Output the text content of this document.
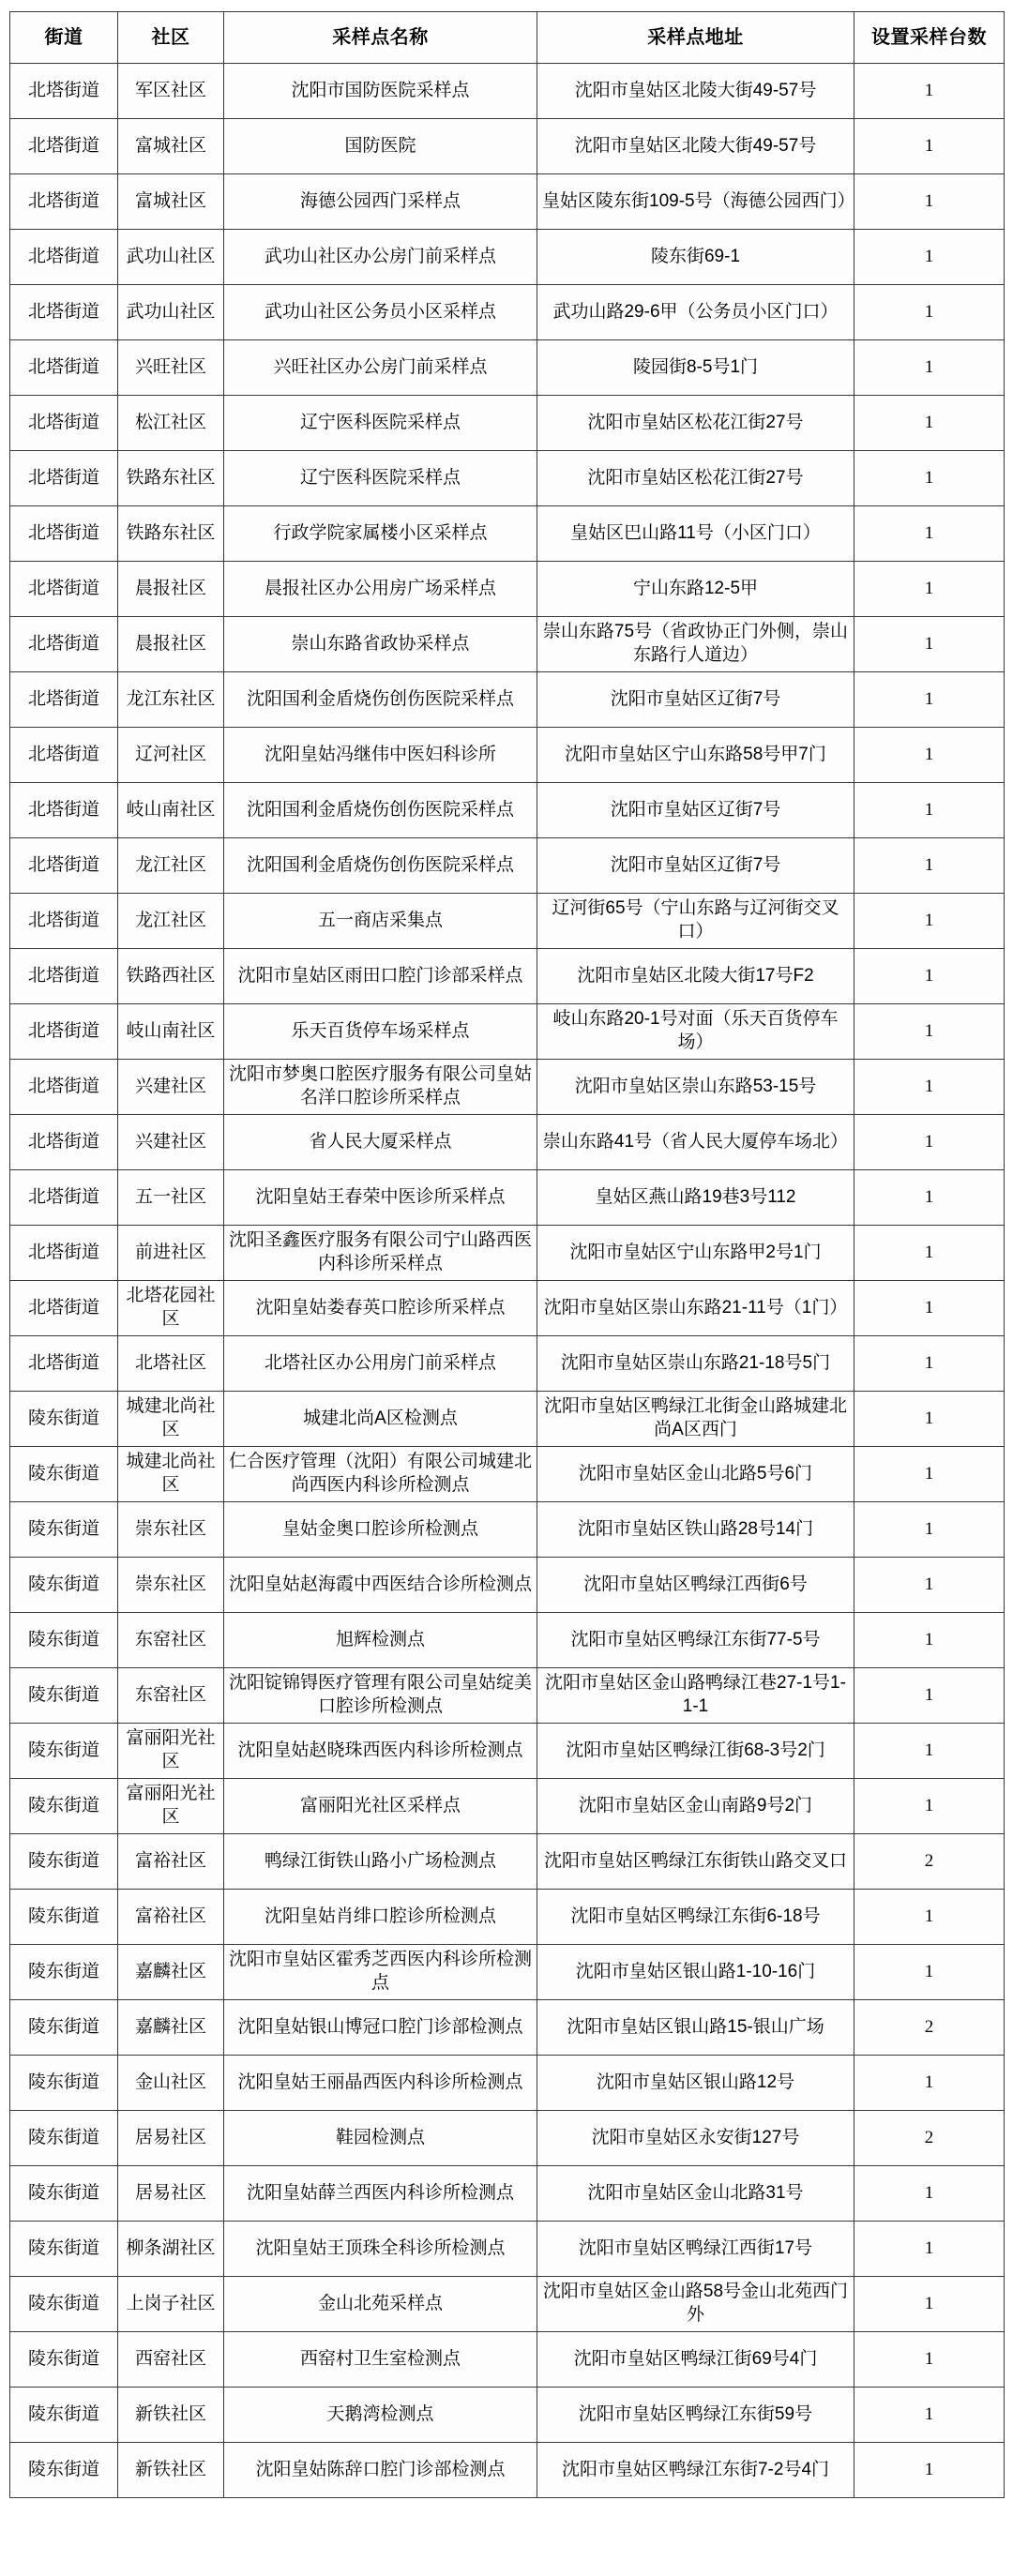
街道	社区	采样点名称	采样点地址	设置采样台数
北塔街道	军区社区	沈阳市国防医院采样点	沈阳市皇姑区北陵大街49-57号	1
北塔街道	富城社区	国防医院	沈阳市皇姑区北陵大街49-57号	1
北塔街道	富城社区	海德公园西门采样点	皇姑区陵东街109-5号（海德公园西门）	1
北塔街道	武功山社区	武功山社区办公房门前采样点	陵东街69-1	1
北塔街道	武功山社区	武功山社区公务员小区采样点	武功山路29-6甲（公务员小区门口）	1
北塔街道	兴旺社区	兴旺社区办公房门前采样点	陵园街8-5号1门	1
北塔街道	松江社区	辽宁医科医院采样点	沈阳市皇姑区松花江街27号	1
北塔街道	铁路东社区	辽宁医科医院采样点	沈阳市皇姑区松花江街27号	1
北塔街道	铁路东社区	行政学院家属楼小区采样点	皇姑区巴山路11号（小区门口）	1
北塔街道	晨报社区	晨报社区办公用房广场采样点	宁山东路12-5甲	1
北塔街道	晨报社区	崇山东路省政协采样点	崇山东路75号（省政协正门外侧，崇山东路行人道边）	1
北塔街道	龙江东社区	沈阳国利金盾烧伤创伤医院采样点	沈阳市皇姑区辽街7号	1
北塔街道	辽河社区	沈阳皇姑冯继伟中医妇科诊所	沈阳市皇姑区宁山东路58号甲7门	1
北塔街道	岐山南社区	沈阳国利金盾烧伤创伤医院采样点	沈阳市皇姑区辽街7号	1
北塔街道	龙江社区	沈阳国利金盾烧伤创伤医院采样点	沈阳市皇姑区辽街7号	1
北塔街道	龙江社区	五一商店采集点	辽河街65号（宁山东路与辽河街交叉口）	1
北塔街道	铁路西社区	沈阳市皇姑区雨田口腔门诊部采样点	沈阳市皇姑区北陵大街17号F2	1
北塔街道	岐山南社区	乐天百货停车场采样点	岐山东路20-1号对面（乐天百货停车场）	1
北塔街道	兴建社区	沈阳市梦奥口腔医疗服务有限公司皇姑名洋口腔诊所采样点	沈阳市皇姑区崇山东路53-15号	1
北塔街道	兴建社区	省人民大厦采样点	崇山东路41号（省人民大厦停车场北）	1
北塔街道	五一社区	沈阳皇姑王春荣中医诊所采样点	皇姑区燕山路19巷3号112	1
北塔街道	前进社区	沈阳圣鑫医疗服务有限公司宁山路西医内科诊所采样点	沈阳市皇姑区宁山东路甲2号1门	1
北塔街道	北塔花园社区	沈阳皇姑娄春英口腔诊所采样点	沈阳市皇姑区崇山东路21-11号（1门）	1
北塔街道	北塔社区	北塔社区办公用房门前采样点	沈阳市皇姑区崇山东路21-18号5门	1
陵东街道	城建北尚社区	城建北尚A区检测点	沈阳市皇姑区鸭绿江北街金山路城建北尚A区西门	1
陵东街道	城建北尚社区	仁合医疗管理（沈阳）有限公司城建北尚西医内科诊所检测点	沈阳市皇姑区金山北路5号6门	1
陵东街道	崇东社区	皇姑金奥口腔诊所检测点	沈阳市皇姑区铁山路28号14门	1
陵东街道	崇东社区	沈阳皇姑赵海霞中西医结合诊所检测点	沈阳市皇姑区鸭绿江西街6号	1
陵东街道	东窑社区	旭辉检测点	沈阳市皇姑区鸭绿江东街77-5号	1
陵东街道	东窑社区	沈阳锭锦锝医疗管理有限公司皇姑绽美口腔诊所检测点	沈阳市皇姑区金山路鸭绿江巷27-1号1-1-1	1
陵东街道	富丽阳光社区	沈阳皇姑赵晓珠西医内科诊所检测点	沈阳市皇姑区鸭绿江街68-3号2门	1
陵东街道	富丽阳光社区	富丽阳光社区采样点	沈阳市皇姑区金山南路9号2门	1
陵东街道	富裕社区	鸭绿江街铁山路小广场检测点	沈阳市皇姑区鸭绿江东街铁山路交叉口	2
陵东街道	富裕社区	沈阳皇姑肖绯口腔诊所检测点	沈阳市皇姑区鸭绿江东街6-18号	1
陵东街道	嘉麟社区	沈阳市皇姑区霍秀芝西医内科诊所检测点	沈阳市皇姑区银山路1-10-16门	1
陵东街道	嘉麟社区	沈阳皇姑银山博冠口腔门诊部检测点	沈阳市皇姑区银山路15-银山广场	2
陵东街道	金山社区	沈阳皇姑王丽晶西医内科诊所检测点	沈阳市皇姑区银山路12号	1
陵东街道	居易社区	鞋园检测点	沈阳市皇姑区永安街127号	2
陵东街道	居易社区	沈阳皇姑薛兰西医内科诊所检测点	沈阳市皇姑区金山北路31号	1
陵东街道	柳条湖社区	沈阳皇姑王顶珠全科诊所检测点	沈阳市皇姑区鸭绿江西街17号	1
陵东街道	上岗子社区	金山北苑采样点	沈阳市皇姑区金山路58号金山北苑西门外	1
陵东街道	西窑社区	西窑村卫生室检测点	沈阳市皇姑区鸭绿江街69号4门	1
陵东街道	新铁社区	天鹅湾检测点	沈阳市皇姑区鸭绿江东街59号	1
陵东街道	新铁社区	沈阳皇姑陈辞口腔门诊部检测点	沈阳市皇姑区鸭绿江东街7-2号4门	1
